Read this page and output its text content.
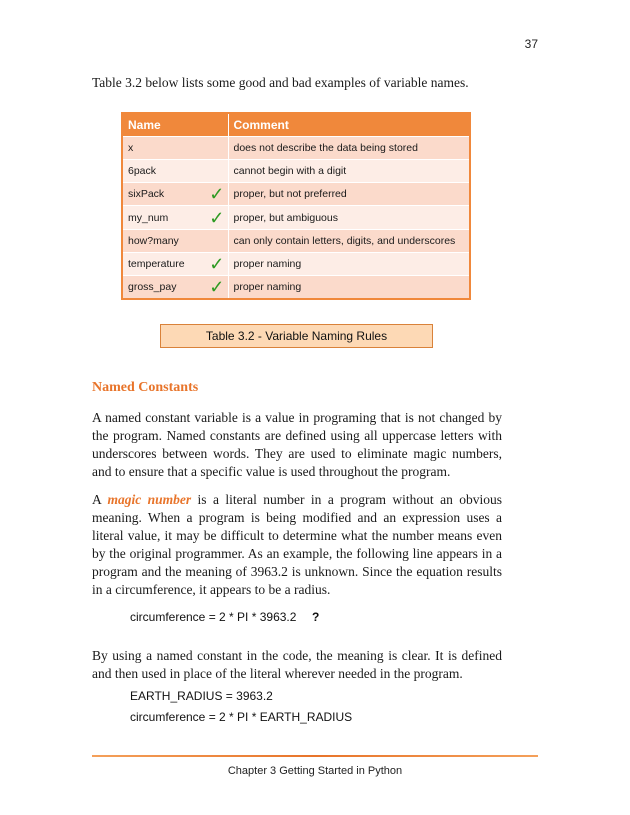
37

Table 3.2 below lists some good and bad examples of variable names.

Name		Comment
x		does not describe the data being stored
6pack		cannot begin with a digit
sixPack	✓	proper, but not preferred
my_num	✓	proper, but ambiguous
how?many		can only contain letters, digits, and underscores
temperature	✓	proper naming
gross_pay	✓	proper naming
Table 3.2 - Variable Naming Rules
Named Constants

A named constant variable is a value in programing that is not changed by the program. Named constants are defined using all uppercase letters with underscores between words. They are used to eliminate magic numbers, and to ensure that a specific value is used throughout the program.

A magic number is a literal number in a program without an obvious meaning. When a program is being modified and an expression uses a literal value, it may be difficult to determine what the number means even by the original programmer. As an example, the following line appears in a program and the meaning of 3963.2 is unknown. Since the equation results in a circumference, it appears to be a radius.

circumference = 2 * PI * 3963.2 ?

By using a named constant in the code, the meaning is clear. It is defined and then used in place of the literal wherever needed in the program.

EARTH_RADIUS = 3963.2
circumference = 2 * PI * EARTH_RADIUS
Chapter 3 Getting Started in Python
